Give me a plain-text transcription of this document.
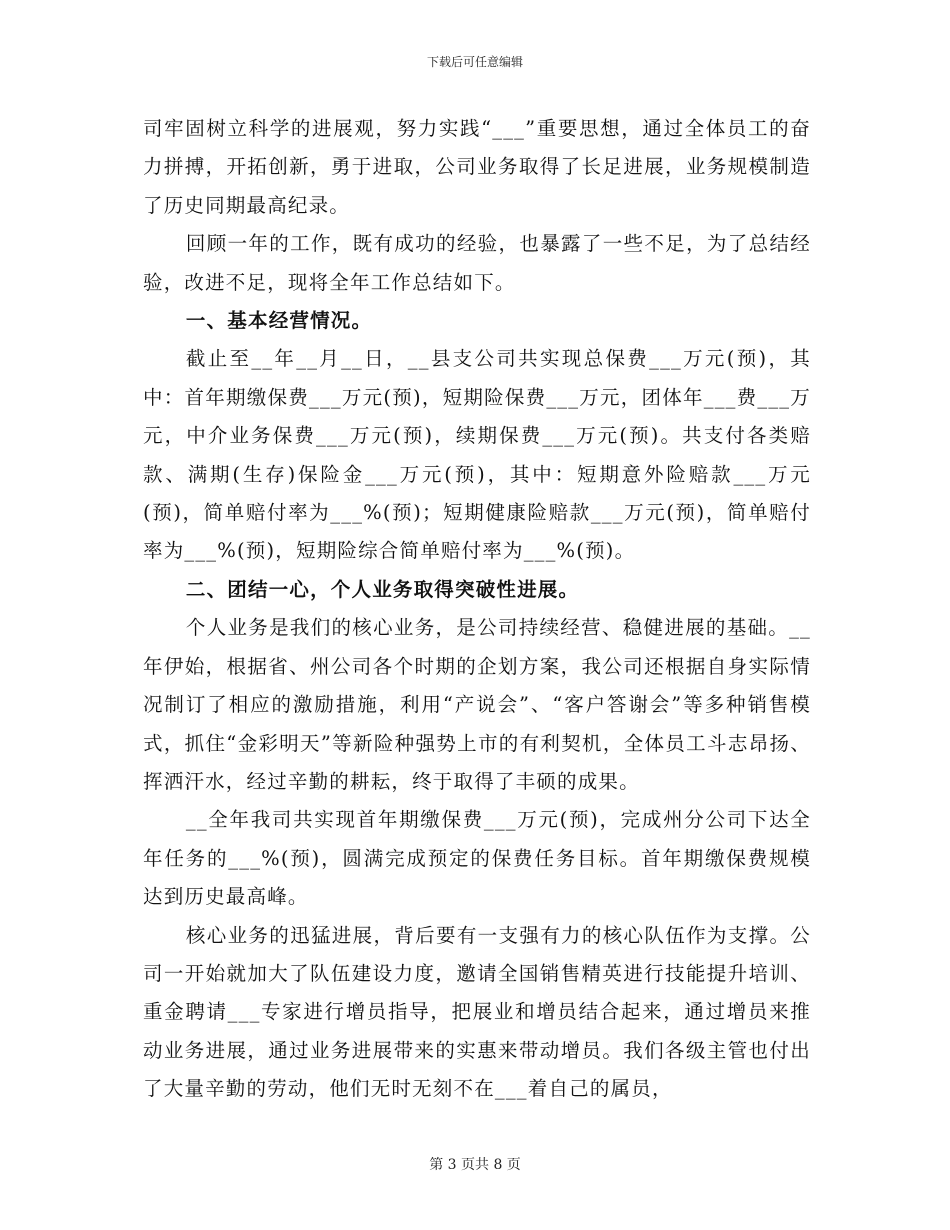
下载后可任意编辑

司牢固树立科学的进展观，努力实践“___”重要思想，通过全体员工的奋力拼搏，开拓创新，勇于进取，公司业务取得了长足进展，业务规模制造了历史同期最高纪录。

回顾一年的工作，既有成功的经验，也暴露了一些不足，为了总结经验，改进不足，现将全年工作总结如下。

一、基本经营情况。

截止至__年__月__日，__县支公司共实现总保费___万元(预)，其中：首年期缴保费___万元(预)，短期险保费___万元，团体年___费___万元，中介业务保费___万元(预)，续期保费___万元(预)。共支付各类赔款、满期(生存)保险金___万元(预)，其中：短期意外险赔款___万元(预)，简单赔付率为___%(预)；短期健康险赔款___万元(预)，简单赔付率为___%(预)，短期险综合简单赔付率为___%(预)。

二、团结一心，个人业务取得突破性进展。

个人业务是我们的核心业务，是公司持续经营、稳健进展的基础。__年伊始，根据省、州公司各个时期的企划方案，我公司还根据自身实际情况制订了相应的激励措施，利用“产说会”、“客户答谢会”等多种销售模式，抓住“金彩明天”等新险种强势上市的有利契机，全体员工斗志昂扬、挥洒汗水，经过辛勤的耕耘，终于取得了丰硕的成果。

__全年我司共实现首年期缴保费___万元(预)，完成州分公司下达全年任务的___%(预)，圆满完成预定的保费任务目标。首年期缴保费规模达到历史最高峰。

核心业务的迅猛进展，背后要有一支强有力的核心队伍作为支撑。公司一开始就加大了队伍建设力度，邀请全国销售精英进行技能提升培训、重金聘请___专家进行增员指导，把展业和增员结合起来，通过增员来推动业务进展，通过业务进展带来的实惠来带动增员。我们各级主管也付出了大量辛勤的劳动，他们无时无刻不在___着自己的属员，

第 3 页共 8 页
